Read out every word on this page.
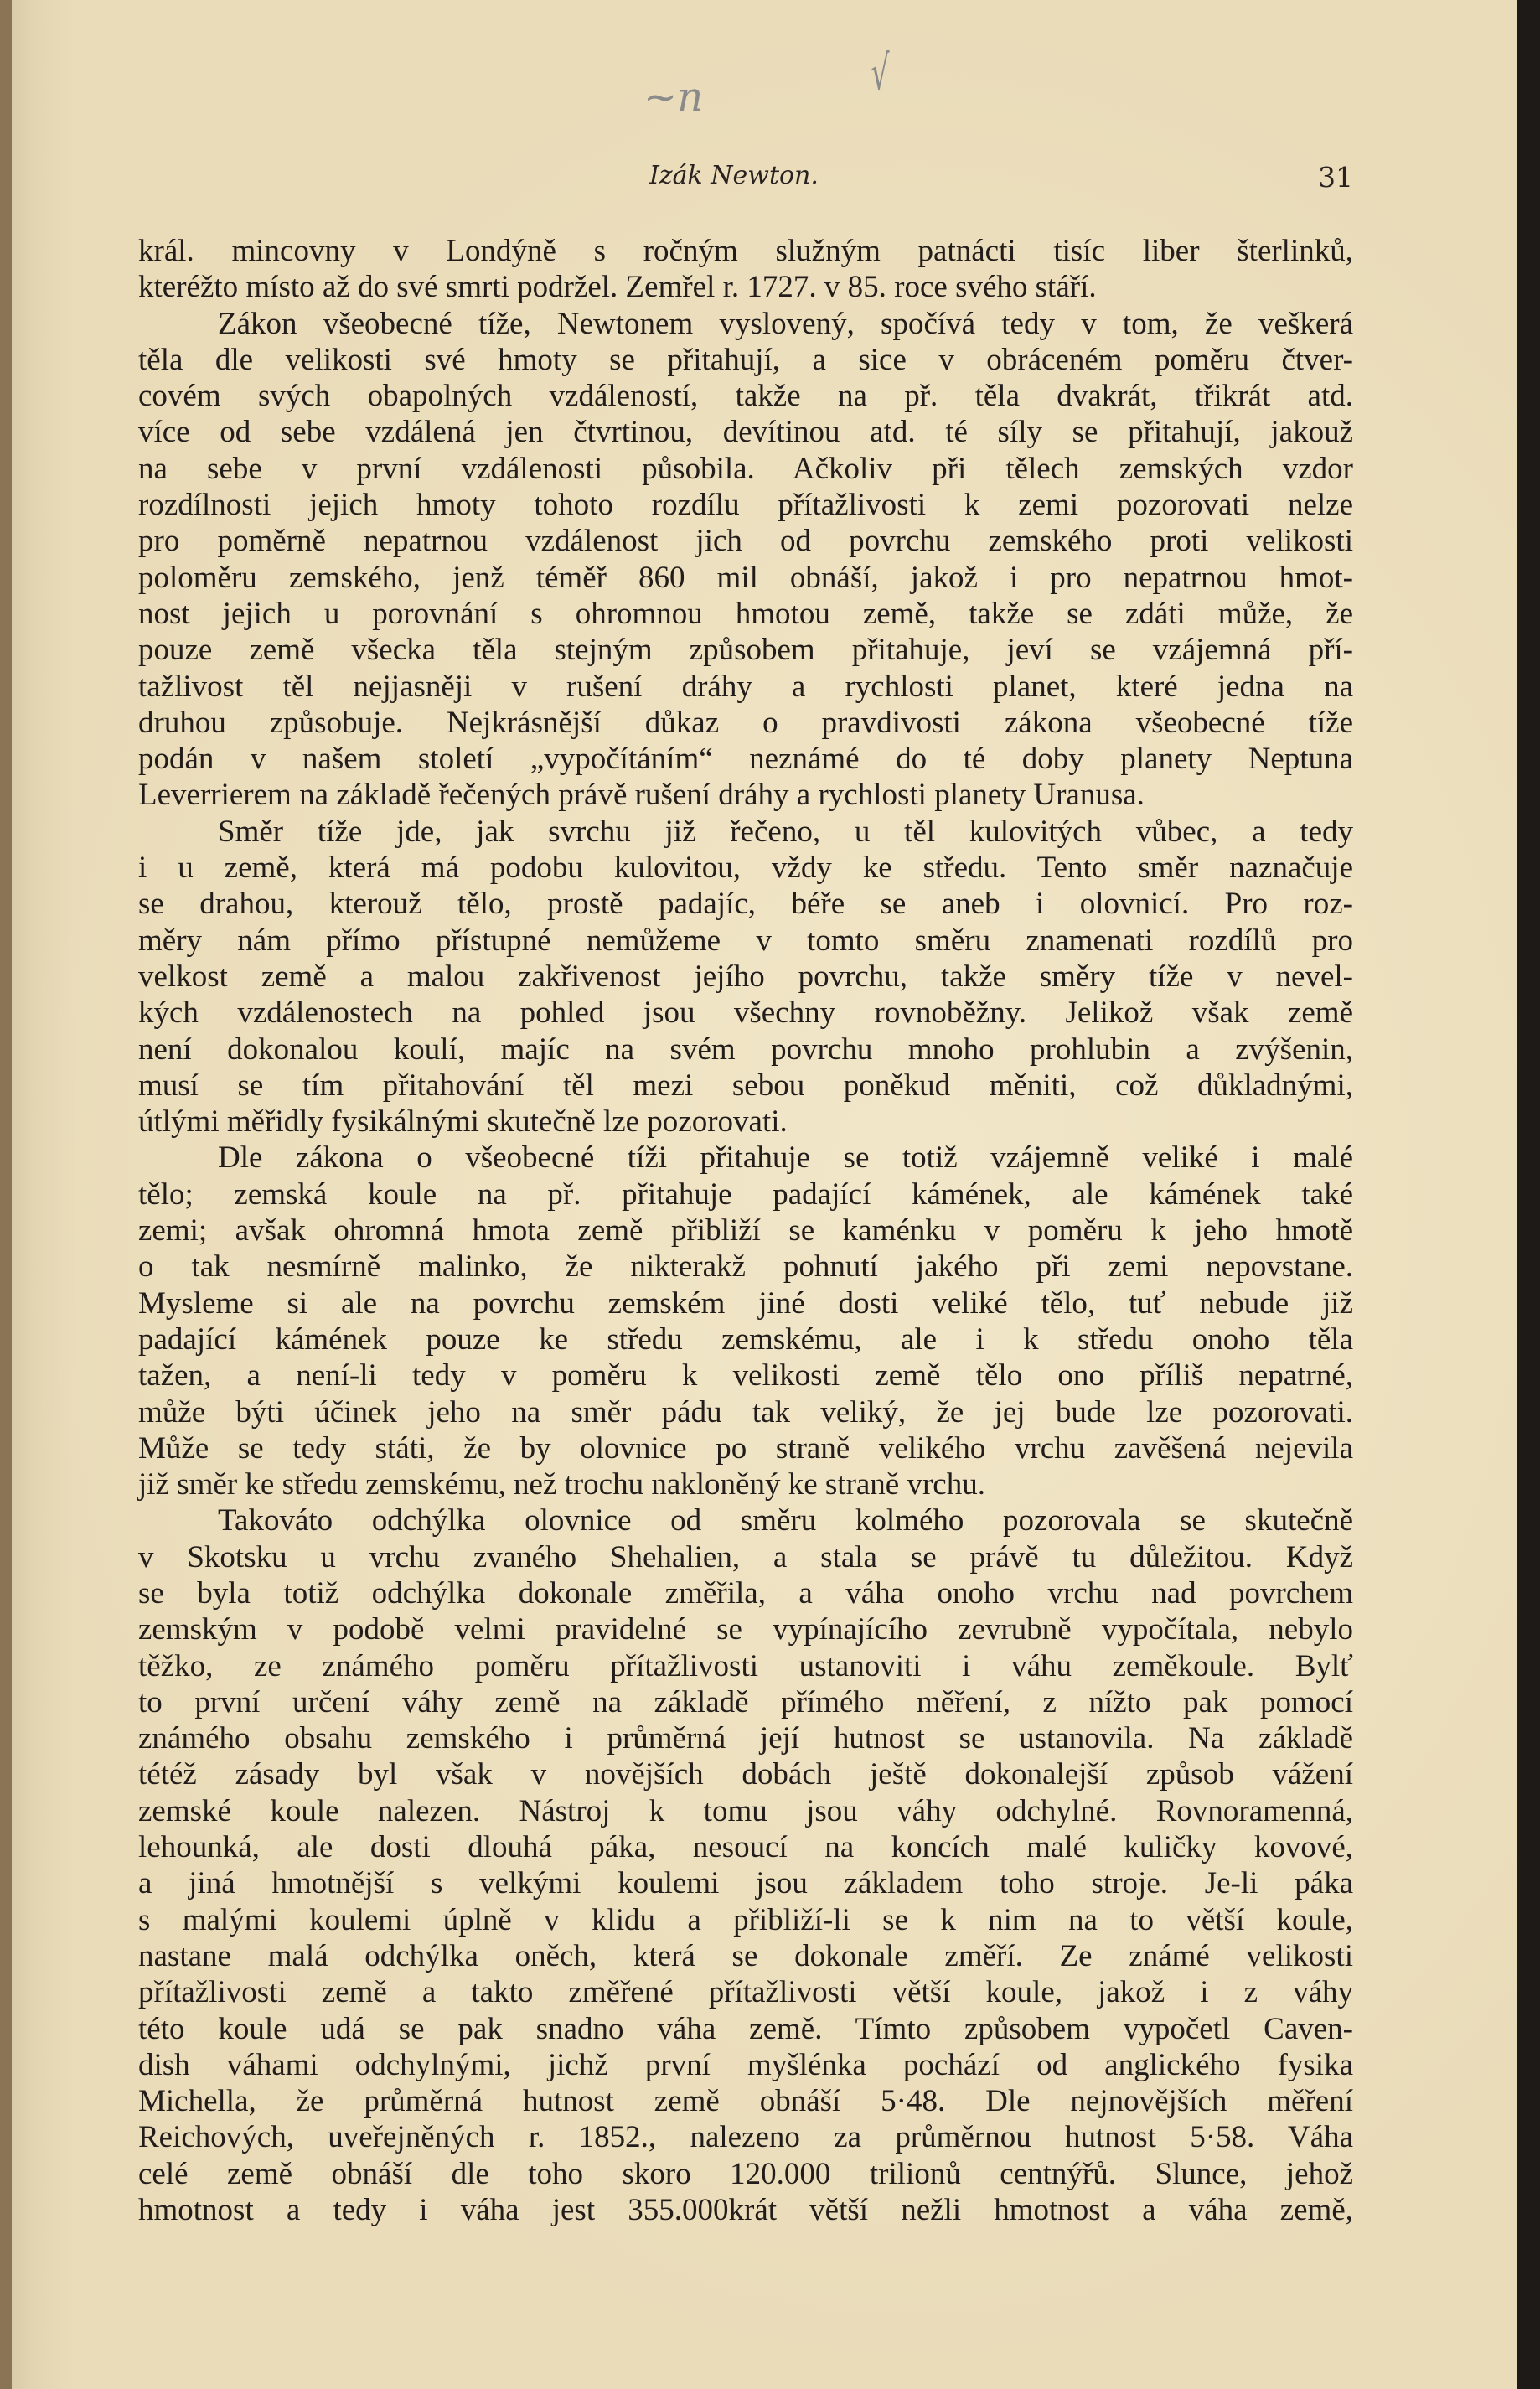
~n	√
Izák Newton.	31
král. mincovny v Londýně s ročným služným patnácti tisíc liber šterlinků,
kteréžto místo až do své smrti podržel. Zemřel r. 1727. v 85. roce svého stáří.
Zákon všeobecné tíže, Newtonem vyslovený, spočívá tedy v tom, že veškerá
těla dle velikosti své hmoty se přitahují, a sice v obráceném poměru čtver-
covém svých obapolných vzdáleností, takže na př. těla dvakrát, třikrát atd.
více od sebe vzdálená jen čtvrtinou, devítinou atd. té síly se přitahují, jakouž
na sebe v první vzdálenosti působila. Ačkoliv při tělech zemských vzdor
rozdílnosti jejich hmoty tohoto rozdílu přítažlivosti k zemi pozorovati nelze
pro poměrně nepatrnou vzdálenost jich od povrchu zemského proti velikosti
poloměru zemského, jenž téměř 860 mil obnáší, jakož i pro nepatrnou hmot-
nost jejich u porovnání s ohromnou hmotou země, takže se zdáti může, že
pouze země všecka těla stejným způsobem přitahuje, jeví se vzájemná pří-
tažlivost těl nejjasněji v rušení dráhy a rychlosti planet, které jedna na
druhou způsobuje. Nejkrásnější důkaz o pravdivosti zákona všeobecné tíže
podán v našem století „vypočítáním“ neznámé do té doby planety Neptuna
Leverrierem na základě řečených právě rušení dráhy a rychlosti planety Uranusa.
Směr tíže jde, jak svrchu již řečeno, u těl kulovitých vůbec, a tedy
i u země, která má podobu kulovitou, vždy ke středu. Tento směr naznačuje
se drahou, kterouž tělo, prostě padajíc, béře se aneb i olovnicí. Pro roz-
měry nám přímo přístupné nemůžeme v tomto směru znamenati rozdílů pro
velkost země a malou zakřivenost jejího povrchu, takže směry tíže v nevel-
kých vzdálenostech na pohled jsou všechny rovnoběžny. Jelikož však země
není dokonalou koulí, majíc na svém povrchu mnoho prohlubin a zvýšenin,
musí se tím přitahování těl mezi sebou poněkud měniti, což důkladnými,
útlými měřidly fysikálnými skutečně lze pozorovati.
Dle zákona o všeobecné tíži přitahuje se totiž vzájemně veliké i malé
tělo; zemská koule na př. přitahuje padající kámének, ale kámének také
zemi; avšak ohromná hmota země přibliží se kaménku v poměru k jeho hmotě
o tak nesmírně malinko, že nikterakž pohnutí jakého při zemi nepovstane.
Mysleme si ale na povrchu zemském jiné dosti veliké tělo, tuť nebude již
padající kámének pouze ke středu zemskému, ale i k středu onoho těla
tažen, a není-li tedy v poměru k velikosti země tělo ono příliš nepatrné,
může býti účinek jeho na směr pádu tak veliký, že jej bude lze pozorovati.
Může se tedy státi, že by olovnice po straně velikého vrchu zavěšená nejevila
již směr ke středu zemskému, než trochu nakloněný ke straně vrchu.
Takováto odchýlka olovnice od směru kolmého pozorovala se skutečně
v Skotsku u vrchu zvaného Shehalien, a stala se právě tu důležitou. Když
se byla totiž odchýlka dokonale změřila, a váha onoho vrchu nad povrchem
zemským v podobě velmi pravidelné se vypínajícího zevrubně vypočítala, nebylo
těžko, ze známého poměru přítažlivosti ustanoviti i váhu zeměkoule. Bylť
to první určení váhy země na základě přímého měření, z nížto pak pomocí
známého obsahu zemského i průměrná její hutnost se ustanovila. Na základě
tétéž zásady byl však v novějších dobách ještě dokonalejší způsob vážení
zemské koule nalezen. Nástroj k tomu jsou váhy odchylné. Rovnoramenná,
lehounká, ale dosti dlouhá páka, nesoucí na koncích malé kuličky kovové,
a jiná hmotnější s velkými koulemi jsou základem toho stroje. Je-li páka
s malými koulemi úplně v klidu a přibliží-li se k nim na to větší koule,
nastane malá odchýlka oněch, která se dokonale změří. Ze známé velikosti
přítažlivosti země a takto změřené přítažlivosti větší koule, jakož i z váhy
této koule udá se pak snadno váha země. Tímto způsobem vypočetl Caven-
dish váhami odchylnými, jichž první myšlénka pochází od anglického fysika
Michella, že průměrná hutnost země obnáší 5·48. Dle nejnovějších měření
Reichových, uveřejněných r. 1852., nalezeno za průměrnou hutnost 5·58. Váha
celé země obnáší dle toho skoro 120.000 trilionů centnýřů. Slunce, jehož
hmotnost a tedy i váha jest 355.000krát větší nežli hmotnost a váha země,
